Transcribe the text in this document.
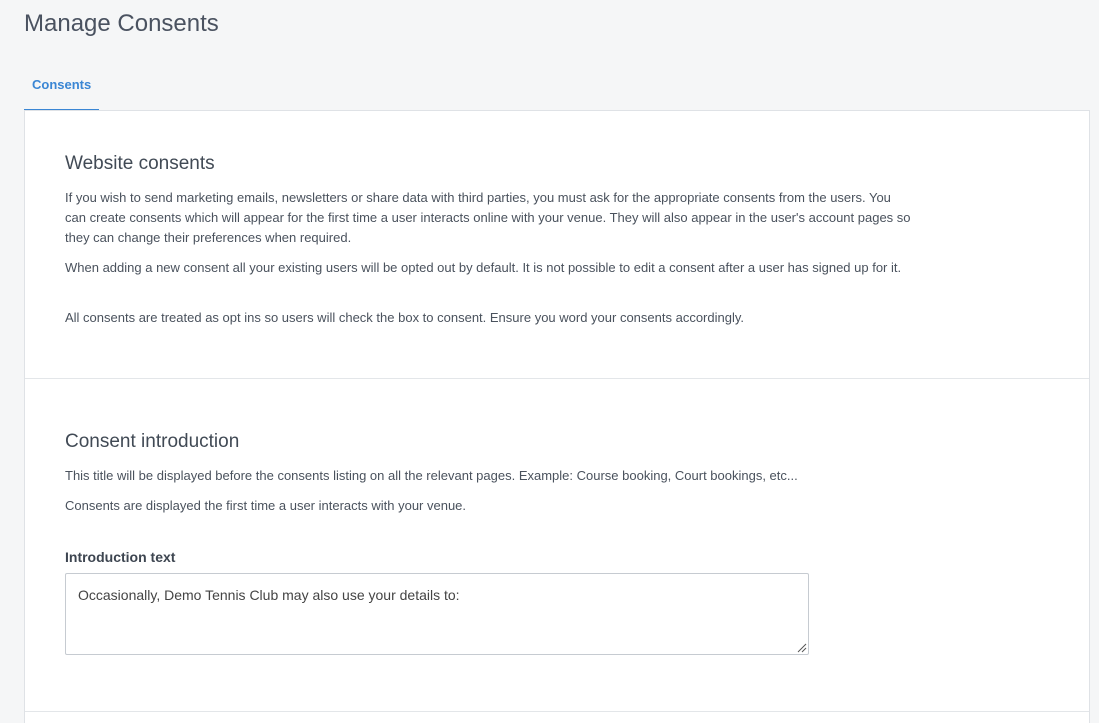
Manage Consents
Consents
Website consents

If you wish to send marketing emails, newsletters or share data with third parties, you must ask for the appropriate consents from the users. You can create consents which will appear for the first time a user interacts online with your venue. They will also appear in the user's account pages so they can change their preferences when required.

When adding a new consent all your existing users will be opted out by default. It is not possible to edit a consent after a user has signed up for it.

All consents are treated as opt ins so users will check the box to consent. Ensure you word your consents accordingly.

Consent introduction

This title will be displayed before the consents listing on all the relevant pages. Example: Course booking, Court bookings, etc...

Consents are displayed the first time a user interacts with your venue.

Introduction text
Occasionally, Demo Tennis Club may also use your details to:
